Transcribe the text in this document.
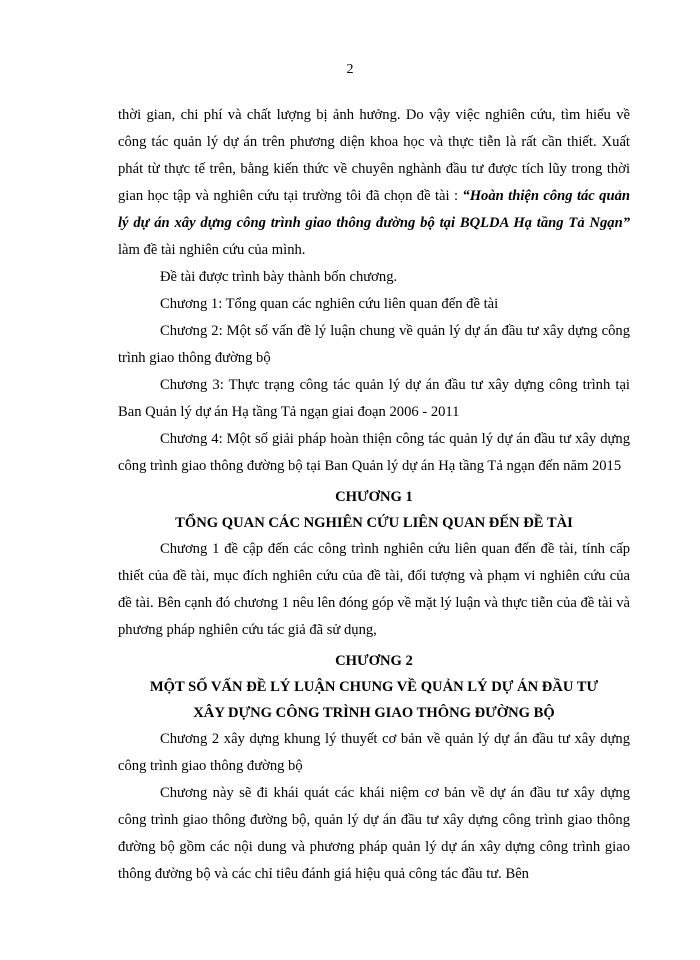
2

thời gian, chi phí và chất lượng bị ảnh hưởng. Do vậy việc nghiên cứu, tìm hiểu về công tác quản lý dự án trên phương diện khoa học và thực tiễn là rất cần thiết. Xuất phát từ thực tế trên, bằng kiến thức về chuyên nghành đầu tư được tích lũy trong thời gian học tập và nghiên cứu tại trường tôi đã chọn đề tài : “Hoàn thiện công tác quản lý dự án xây dựng công trình giao thông đường bộ tại BQLDA Hạ tầng Tả Ngạn” làm đề tài nghiên cứu của mình.

Đề tài được trình bày thành bốn chương.

Chương 1: Tổng quan các nghiên cứu liên quan đến đề tài

Chương 2: Một số vấn đề lý luận chung về quản lý dự án đầu tư xây dựng công trình giao thông đường bộ

Chương 3: Thực trạng công tác quản lý dự án đầu tư xây dựng công trình tại Ban Quản lý dự án Hạ tầng Tả ngạn giai đoạn 2006 - 2011

Chương 4: Một số giải pháp hoàn thiện công tác quản lý dự án đầu tư xây dựng công trình giao thông đường bộ tại Ban Quản lý dự án Hạ tầng Tả ngạn đến năm 2015

CHƯƠNG 1
TỔNG QUAN CÁC NGHIÊN CỨU LIÊN QUAN ĐẾN ĐỀ TÀI

Chương 1 đề cập đến các công trình nghiên cứu liên quan đến đề tài, tính cấp thiết của đề tài, mục đích nghiên cứu của đề tài, đối tượng và phạm vi nghiên cứu của đề tài. Bên cạnh đó chương 1 nêu lên đóng góp về mặt lý luận và thực tiễn của đề tài và phương pháp nghiên cứu tác giả đã sử dụng,

CHƯƠNG 2
MỘT SỐ VẤN ĐỀ LÝ LUẬN CHUNG VỀ QUẢN LÝ DỰ ÁN ĐẦU TƯ
XÂY DỰNG CÔNG TRÌNH GIAO THÔNG ĐƯỜNG BỘ

Chương 2 xây dựng khung lý thuyết cơ bản về quản lý dự án đầu tư xây dựng công trình giao thông đường bộ

Chương này sẽ đi khái quát các khái niệm cơ bản về dự án đầu tư xây dựng công trình giao thông đường bộ, quản lý dự án đầu tư xây dựng công trình giao thông đường bộ gồm các nội dung và phương pháp quản lý dự án xây dựng công trình giao thông đường bộ và các chỉ tiêu đánh giá hiệu quả công tác đầu tư. Bên
